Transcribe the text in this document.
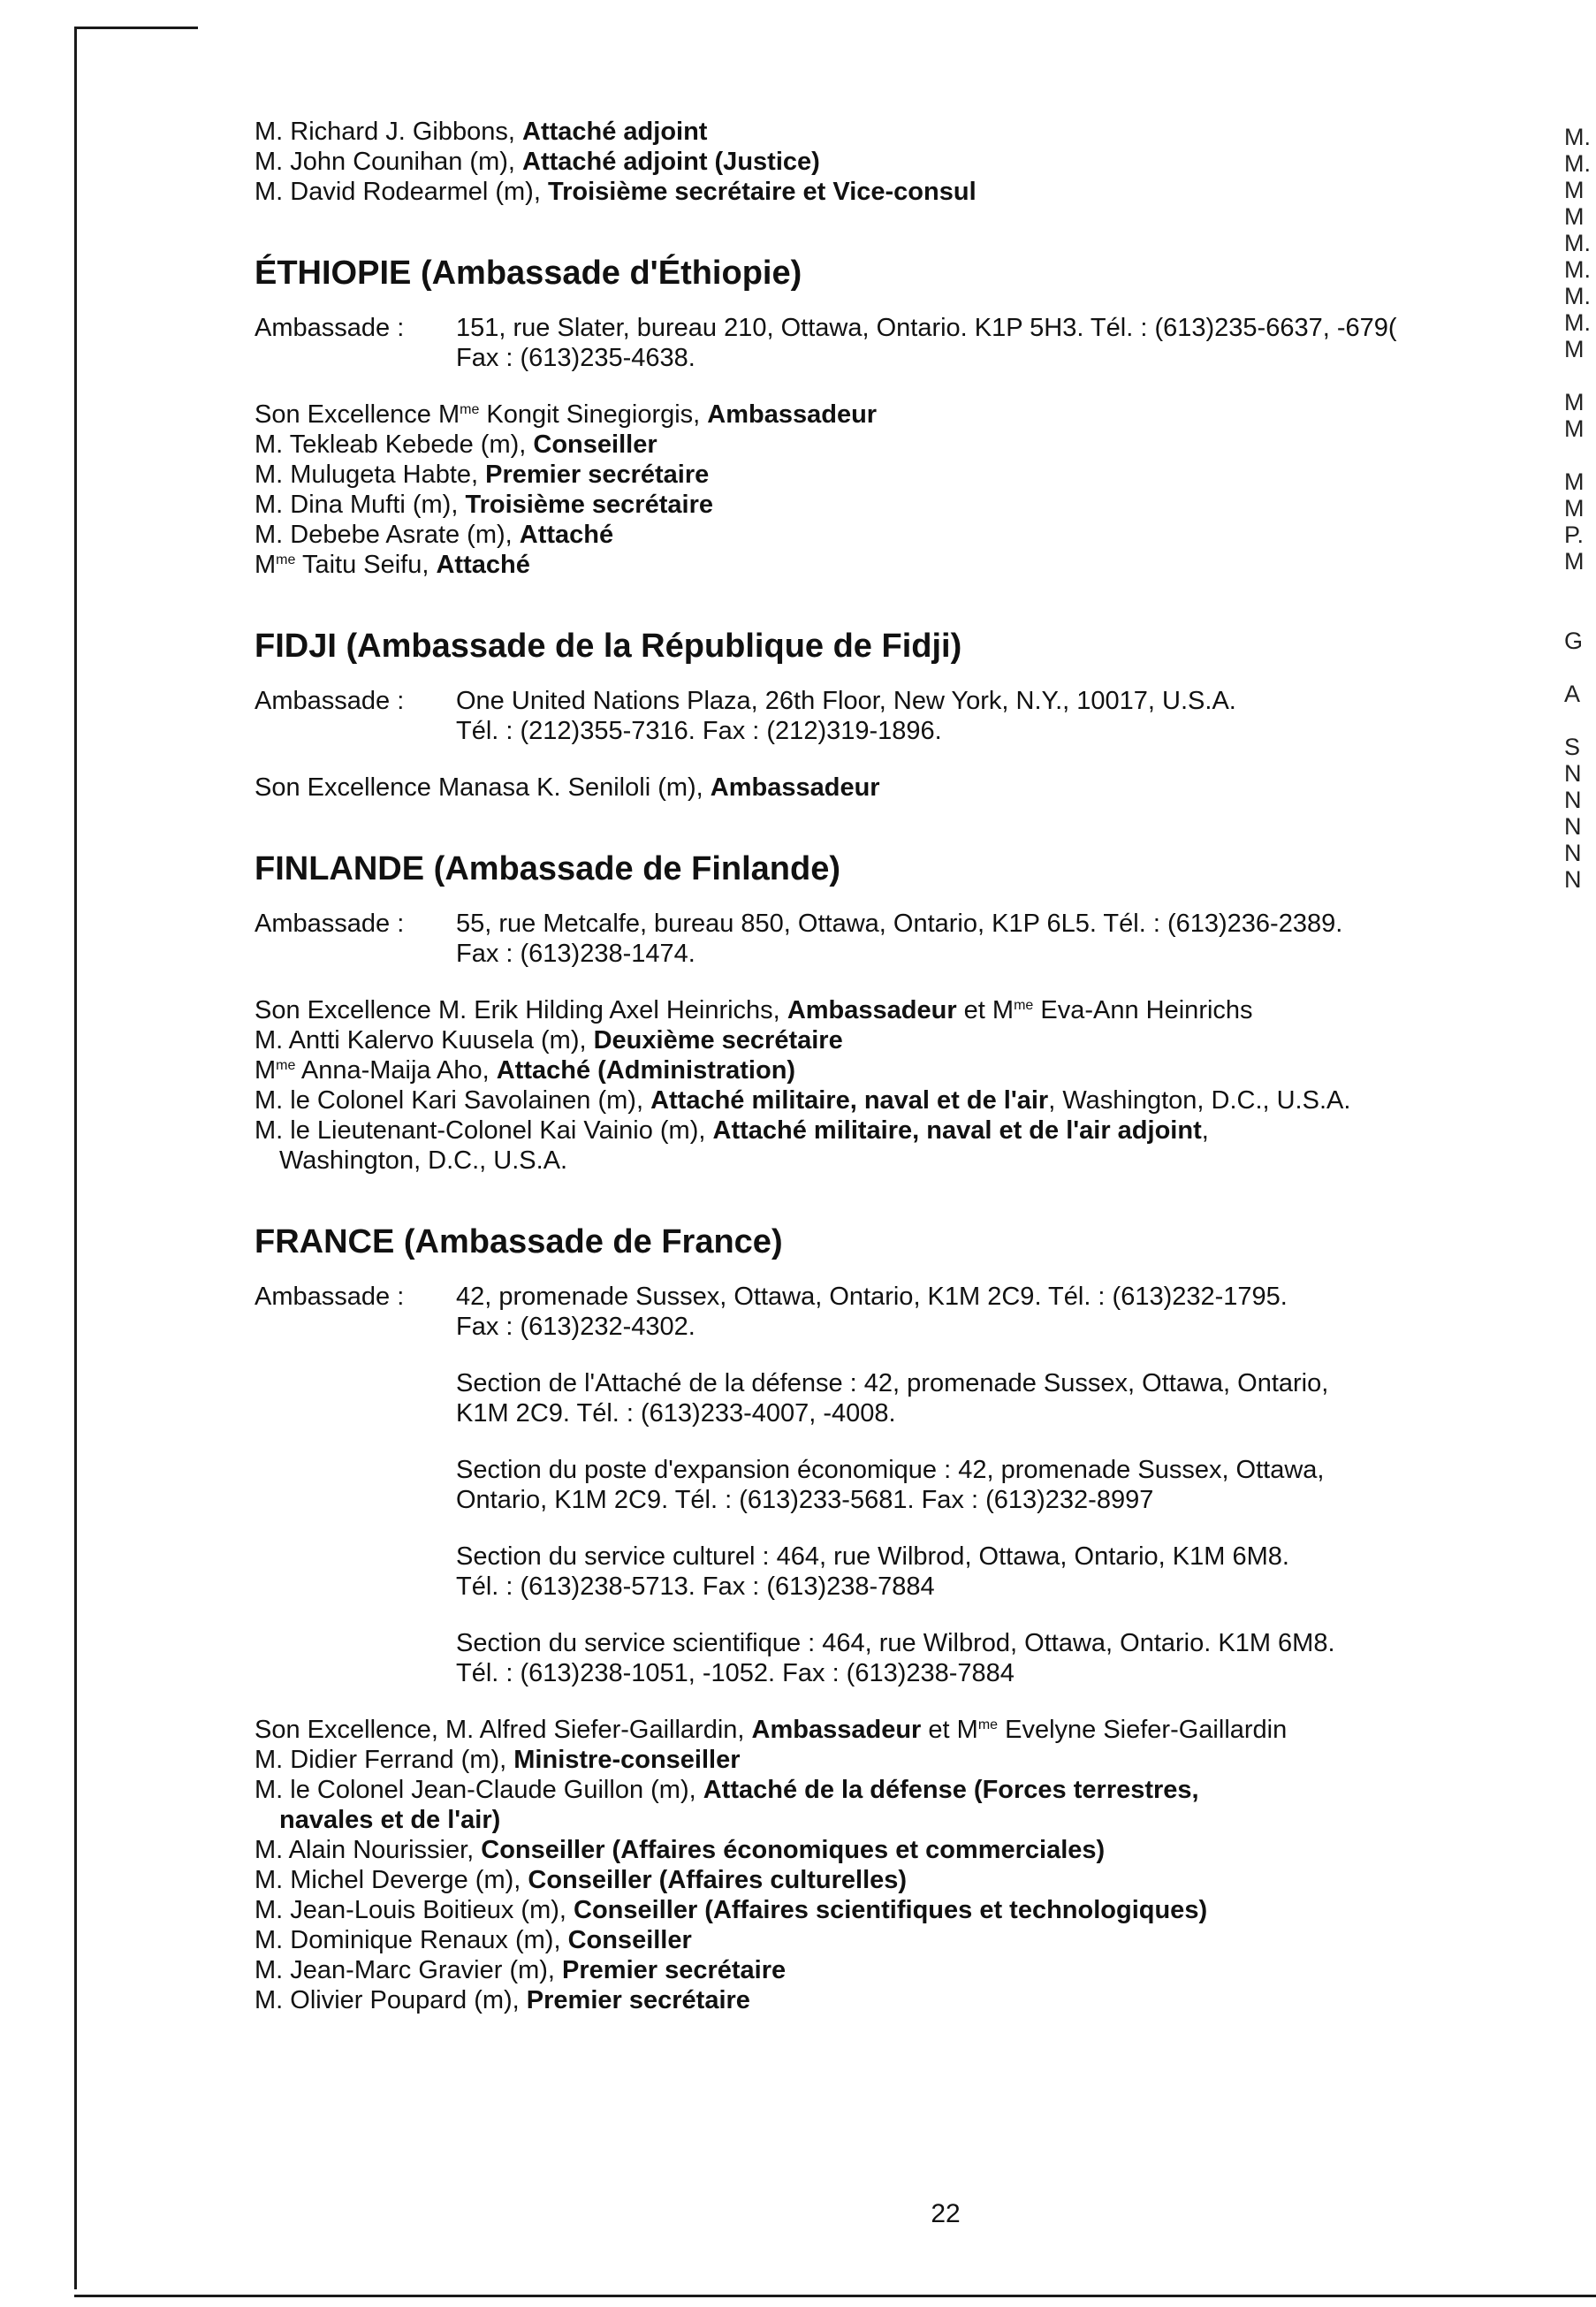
M.
M.
M
M
M.
M.
M.
M.
M
M
M
M
M
P.
M
G
A
S
N
N
N
N
N
M. Richard J. Gibbons, Attaché adjoint
M. John Counihan (m), Attaché adjoint (Justice)
M. David Rodearmel (m), Troisième secrétaire et Vice-consul
ÉTHIOPIE (Ambassade d'Éthiopie)
Ambassade :	151, rue Slater, bureau 210, Ottawa, Ontario. K1P 5H3. Tél. : (613)235-6637, -679(
Fax : (613)235-4638.
Son Excellence $M^{me}$ Kongit Sinegiorgis, Ambassadeur
M. Tekleab Kebede (m), Conseiller
M. Mulugeta Habte, Premier secrétaire
M. Dina Mufti (m), Troisième secrétaire
M. Debebe Asrate (m), Attaché
$M^{me}$ Taitu Seifu, Attaché
FIDJI (Ambassade de la République de Fidji)
Ambassade :	One United Nations Plaza, 26th Floor, New York, N.Y., 10017, U.S.A.
Tél. : (212)355-7316. Fax : (212)319-1896.
Son Excellence Manasa K. Seniloli (m), Ambassadeur
FINLANDE (Ambassade de Finlande)
Ambassade :	55, rue Metcalfe, bureau 850, Ottawa, Ontario, K1P 6L5. Tél. : (613)236-2389.
Fax : (613)238-1474.
Son Excellence M. Erik Hilding Axel Heinrichs, Ambassadeur et $M^{me}$ Eva-Ann Heinrichs
M. Antti Kalervo Kuusela (m), Deuxième secrétaire
$M^{me}$ Anna-Maija Aho, Attaché (Administration)
M. le Colonel Kari Savolainen (m), Attaché militaire, naval et de l'air, Washington, D.C., U.S.A.
M. le Lieutenant-Colonel Kai Vainio (m), Attaché militaire, naval et de l'air adjoint,
Washington, D.C., U.S.A.
FRANCE (Ambassade de France)
Ambassade :	42, promenade Sussex, Ottawa, Ontario, K1M 2C9. Tél. : (613)232-1795.
Fax : (613)232-4302.
Section de l'Attaché de la défense : 42, promenade Sussex, Ottawa, Ontario,
K1M 2C9. Tél. : (613)233-4007, -4008.
Section du poste d'expansion économique : 42, promenade Sussex, Ottawa,
Ontario, K1M 2C9. Tél. : (613)233-5681. Fax : (613)232-8997
Section du service culturel : 464, rue Wilbrod, Ottawa, Ontario, K1M 6M8.
Tél. : (613)238-5713. Fax : (613)238-7884
Section du service scientifique : 464, rue Wilbrod, Ottawa, Ontario. K1M 6M8.
Tél. : (613)238-1051, -1052. Fax : (613)238-7884
Son Excellence, M. Alfred Siefer-Gaillardin, Ambassadeur et $M^{me}$ Evelyne Siefer-Gaillardin
M. Didier Ferrand (m), Ministre-conseiller
M. le Colonel Jean-Claude Guillon (m), Attaché de la défense (Forces terrestres,
navales et de l'air)
M. Alain Nourissier, Conseiller (Affaires économiques et commerciales)
M. Michel Deverge (m), Conseiller (Affaires culturelles)
M. Jean-Louis Boitieux (m), Conseiller (Affaires scientifiques et technologiques)
M. Dominique Renaux (m), Conseiller
M. Jean-Marc Gravier (m), Premier secrétaire
M. Olivier Poupard (m), Premier secrétaire
22
